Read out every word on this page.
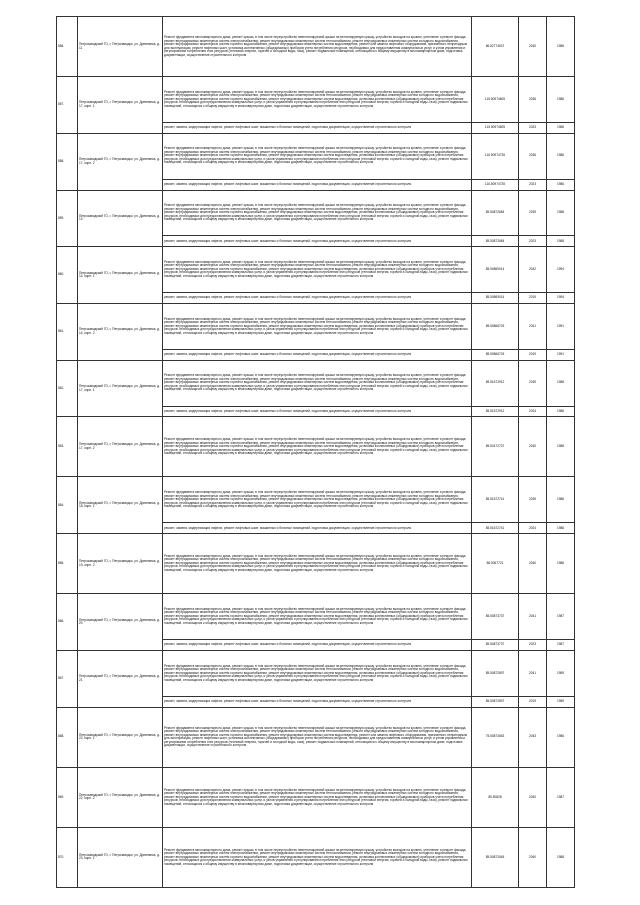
856.	Петрозаводский ГО, г. Петрозаводск, ул. Древлянка, д. 11	Ремонт фундамента многоквартирного дома, ремонт крыши, в том числе переустройство невентилируемой крыши на вентилируемую крышу, устройство выходов на кровлю, утепление и ремонт фасада, ремонт внутридомовых инженерных систем электроснабжения, ремонт внутридомовых инженерных систем теплоснабжения, ремонт внутридомовых инженерных систем холодного водоснабжения, ремонт внутридомовых инженерных систем горячего водоснабжения, ремонт внутридомовых инженерных систем водоотведения, ремонт или замена лифтового оборудования, признанного непригодным для эксплуатации, ремонт лифтовых шахт, установка коллективных (общедомовых) приборов учета потребления ресурсов, необходимых для предоставления коммунальных услуг, и узлов управления и регулирования потребления этих ресурсов (тепловой энергии, горячей и холодной воды, газа), ремонт подвальных помещений, относящихся к общему имуществу в многоквартирном доме, подготовка документации, осуществление строительного контроля	86.52774637	2040	1986
857.	Петрозаводский ГО, г. Петрозаводск, ул. Древлянка, д. 17, корп. 1	Ремонт фундамента многоквартирного дома, ремонт крыши, в том числе переустройство невентилируемой крыши на вентилируемую крышу, устройство выходов на кровлю, утепление и ремонт фасада, ремонт внутридомовых инженерных систем электроснабжения, ремонт внутридомовых инженерных систем теплоснабжения, ремонт внутридомовых инженерных систем холодного водоснабжения, ремонт внутридомовых инженерных систем горячего водоснабжения, ремонт внутридомовых инженерных систем водоотведения, установка коллективных (общедомовых) приборов учета потребления ресурсов, необходимых для предоставления коммунальных услуг, и узлов управления и регулирования потребления этих ресурсов (тепловой энергии, горячей и холодной воды, газа), ремонт подвальных помещений, относящихся к общему имуществу в многоквартирном доме, подготовка документации, осуществление строительного контроля	115.50974605	2036	1986
		ремонт, замена, модернизация лифтов, ремонт лифтовых шахт, машинных и блочных помещений, подготовка документации, осуществление строительного контроля	115.50974605	2023	1986
858.	Петрозаводский ГО, г. Петрозаводск, ул. Древлянка, д. 17, корп. 2	Ремонт фундамента многоквартирного дома, ремонт крыши, в том числе переустройство невентилируемой крыши на вентилируемую крышу, устройство выходов на кровлю, утепление и ремонт фасада, ремонт внутридомовых инженерных систем электроснабжения, ремонт внутридомовых инженерных систем теплоснабжения, ремонт внутридомовых инженерных систем холодного водоснабжения, ремонт внутридомовых инженерных систем горячего водоснабжения, ремонт внутридомовых инженерных систем водоотведения, установка коллективных (общедомовых) приборов учета потребления ресурсов, необходимых для предоставления коммунальных услуг, и узлов управления и регулирования потребления этих ресурсов (тепловой энергии, горячей и холодной воды, газа), ремонт подвальных помещений, относящихся к общему имуществу в многоквартирном доме, подготовка документации, осуществление строительного контроля	116.50974735	2036	1986
		ремонт, замена, модернизация лифтов, ремонт лифтовых шахт, машинных и блочных помещений, подготовка документации, осуществление строительного контроля	116.50974735	2023	1986
859.	Петрозаводский ГО, г. Петрозаводск, ул. Древлянка, д. 13	Ремонт фундамента многоквартирного дома, ремонт крыши, в том числе переустройство невентилируемой крыши на вентилируемую крышу, устройство выходов на кровлю, утепление и ремонт фасада, ремонт внутридомовых инженерных систем электроснабжения, ремонт внутридомовых инженерных систем теплоснабжения, ремонт внутридомовых инженерных систем холодного водоснабжения, ремонт внутридомовых инженерных систем горячего водоснабжения, ремонт внутридомовых инженерных систем водоотведения, установка коллективных (общедомовых) приборов учета потребления ресурсов, необходимых для предоставления коммунальных услуг, и узлов управления и регулирования потребления этих ресурсов (тепловой энергии, горячей и холодной воды, газа), ремонт подвальных помещений, относящихся к общему имуществу в многоквартирном доме, подготовка документации, осуществление строительного контроля	85.50872684	2039	1988
		ремонт, замена, модернизация лифтов, ремонт лифтовых шахт, машинных и блочных помещений, подготовка документации, осуществление строительного контроля	85.50872684	2023	1988
860.	Петрозаводский ГО, г. Петрозаводск, ул. Древлянка, д. 14, корп. 1	Ремонт фундамента многоквартирного дома, ремонт крыши, в том числе переустройство невентилируемой крыши на вентилируемую крышу, устройство выходов на кровлю, утепление и ремонт фасада, ремонт внутридомовых инженерных систем электроснабжения, ремонт внутридомовых инженерных систем теплоснабжения, ремонт внутридомовых инженерных систем холодного водоснабжения, ремонт внутридомовых инженерных систем горячего водоснабжения, ремонт внутридомовых инженерных систем водоотведения, установка коллективных (общедомовых) приборов учета потребления ресурсов, необходимых для предоставления коммунальных услуг, и узлов управления и регулирования потребления этих ресурсов (тепловой энергии, горячей и холодной воды, газа), ремонт подвальных помещений, относящихся к общему имуществу в многоквартирном доме, подготовка документации, осуществление строительного контроля	85.50869014	2042	1994
		ремонт, замена, модернизация лифтов, ремонт лифтовых шахт, машинных и блочных помещений, подготовка документации, осуществление строительного контроля	85.50869014	2019	1994
861.	Петрозаводский ГО, г. Петрозаводск, ул. Древлянка, д. 14, корп. 2	Ремонт фундамента многоквартирного дома, ремонт крыши, в том числе переустройство невентилируемой крыши на вентилируемую крышу, устройство выходов на кровлю, утепление и ремонт фасада, ремонт внутридомовых инженерных систем электроснабжения, ремонт внутридомовых инженерных систем теплоснабжения, ремонт внутридомовых инженерных систем холодного водоснабжения, ремонт внутридомовых инженерных систем горячего водоснабжения, ремонт внутридомовых инженерных систем водоотведения, установка коллективных (общедомовых) приборов учета потребления ресурсов, необходимых для предоставления коммунальных услуг, и узлов управления и регулирования потребления этих ресурсов (тепловой энергии, горячей и холодной воды, газа), ремонт подвальных помещений, относящихся к общему имуществу в многоквартирном доме, подготовка документации, осуществление строительного контроля	85.50866703	2041	1991
		ремонт, замена, модернизация лифтов, ремонт лифтовых шахт, машинных и блочных помещений, подготовка документации, осуществление строительного контроля	85.50866703	2019	1991
862.	Петрозаводский ГО, г. Петрозаводск, ул. Древлянка, д. 17, корп. 1	Ремонт фундамента многоквартирного дома, ремонт крыши, в том числе переустройство невентилируемой крыши на вентилируемую крышу, устройство выходов на кровлю, утепление и ремонт фасада, ремонт внутридомовых инженерных систем электроснабжения, ремонт внутридомовых инженерных систем теплоснабжения, ремонт внутридомовых инженерных систем холодного водоснабжения, ремонт внутридомовых инженерных систем горячего водоснабжения, ремонт внутридомовых инженерных систем водоотведения, установка коллективных (общедомовых) приборов учета потребления ресурсов, необходимых для предоставления коммунальных услуг, и узлов управления и регулирования потребления этих ресурсов (тепловой энергии, горячей и холодной воды, газа), ремонт подвальных помещений, относящихся к общему имуществу в многоквартирном доме, подготовка документации, осуществление строительного контроля	85.51672912	2039	1988
		ремонт, замена, модернизация лифтов, ремонт лифтовых шахт, машинных и блочных помещений, подготовка документации, осуществление строительного контроля	85.51672912	2024	1988
863.	Петрозаводский ГО, г. Петрозаводск, ул. Древлянка, д. 17, корп. 2	Ремонт фундамента многоквартирного дома, ремонт крыши, в том числе переустройство невентилируемой крыши на вентилируемую крышу, устройство выходов на кровлю, утепление и ремонт фасада, ремонт внутридомовых инженерных систем электроснабжения, ремонт внутридомовых инженерных систем теплоснабжения, ремонт внутридомовых инженерных систем холодного водоснабжения, ремонт внутридомовых инженерных систем горячего водоснабжения, ремонт внутридомовых инженерных систем водоотведения, установка коллективных (общедомовых) приборов учета потребления ресурсов, необходимых для предоставления коммунальных услуг, и узлов управления и регулирования потребления этих ресурсов (тепловой энергии, горячей и холодной воды, газа), ремонт подвальных помещений, относящихся к общему имуществу в многоквартирном доме, подготовка документации, осуществление строительного контроля	85.52472737	2040	1988
864.	Петрозаводский ГО, г. Петрозаводск, ул. Древлянка, д. 18, корп. 1	Ремонт фундамента многоквартирного дома, ремонт крыши, в том числе переустройство невентилируемой крыши на вентилируемую крышу, устройство выходов на кровлю, утепление и ремонт фасада, ремонт внутридомовых инженерных систем электроснабжения, ремонт внутридомовых инженерных систем теплоснабжения, ремонт внутридомовых инженерных систем холодного водоснабжения, ремонт внутридомовых инженерных систем горячего водоснабжения, ремонт внутридомовых инженерных систем водоотведения, установка коллективных (общедомовых) приборов учета потребления ресурсов, необходимых для предоставления коммунальных услуг, и узлов управления и регулирования потребления этих ресурсов (тепловой энергии, горячей и холодной воды, газа), ремонт подвальных помещений, относящихся к общему имуществу в многоквартирном доме, подготовка документации, осуществление строительного контроля	85.51672741	2039	1988
		ремонт, замена, модернизация лифтов, ремонт лифтовых шахт, машинных и блочных помещений, подготовка документации, осуществление строительного контроля	85.51672741	2024	1988
865.	Петрозаводский ГО, г. Петрозаводск, ул. Древлянка, д. 19, корп. 2	Ремонт фундамента многоквартирного дома, ремонт крыши, в том числе переустройство невентилируемой крыши на вентилируемую крышу, устройство выходов на кровлю, утепление и ремонт фасада, ремонт внутридомовых инженерных систем электроснабжения, ремонт внутридомовых инженерных систем теплоснабжения, ремонт внутридомовых инженерных систем холодного водоснабжения, ремонт внутридомовых инженерных систем горячего водоснабжения, ремонт внутридомовых инженерных систем водоотведения, установка коллективных (общедомовых) приборов учета потребления ресурсов, необходимых для предоставления коммунальных услуг, и узлов управления и регулирования потребления этих ресурсов (тепловой энергии, горячей и холодной воды, газа), ремонт подвальных помещений, относящихся к общему имуществу в многоквартирном доме, подготовка документации, осуществление строительного контроля	86.5067721	2040	1988
866.	Петрозаводский ГО, г. Петрозаводск, ул. Древлянка, д. 20	Ремонт фундамента многоквартирного дома, ремонт крыши, в том числе переустройство невентилируемой крыши на вентилируемую крышу, устройство выходов на кровлю, утепление и ремонт фасада, ремонт внутридомовых инженерных систем электроснабжения, ремонт внутридомовых инженерных систем теплоснабжения, ремонт внутридомовых инженерных систем холодного водоснабжения, ремонт внутридомовых инженерных систем горячего водоснабжения, ремонт внутридомовых инженерных систем водоотведения, установка коллективных (общедомовых) приборов учета потребления ресурсов, необходимых для предоставления коммунальных услуг, и узлов управления и регулирования потребления этих ресурсов (тепловой энергии, горячей и холодной воды, газа), ремонт подвальных помещений, относящихся к общему имуществу в многоквартирном доме, подготовка документации, осуществление строительного контроля	85.50873737	2041	1987
		ремонт, замена, модернизация лифтов, ремонт лифтовых шахт, машинных и блочных помещений, подготовка документации, осуществление строительного контроля	85.50873737	2023	1987
867.	Петрозаводский ГО, г. Петрозаводск, ул. Древлянка, д. 21	Ремонт фундамента многоквартирного дома, ремонт крыши, в том числе переустройство невентилируемой крыши на вентилируемую крышу, устройство выходов на кровлю, утепление и ремонт фасада, ремонт внутридомовых инженерных систем электроснабжения, ремонт внутридомовых инженерных систем теплоснабжения, ремонт внутридомовых инженерных систем холодного водоснабжения, ремонт внутридомовых инженерных систем горячего водоснабжения, ремонт внутридомовых инженерных систем водоотведения, установка коллективных (общедомовых) приборов учета потребления ресурсов, необходимых для предоставления коммунальных услуг, и узлов управления и регулирования потребления этих ресурсов (тепловой энергии, горячей и холодной воды, газа), ремонт подвальных помещений, относящихся к общему имуществу в многоквартирном доме, подготовка документации, осуществление строительного контроля	85.50872897	2041	1989
		ремонт, замена, модернизация лифтов, ремонт лифтовых шахт, машинных и блочных помещений, подготовка документации, осуществление строительного контроля	85.50872897	2019	1989
868.	Петрозаводский ГО, г. Петрозаводск, ул. Древлянка, д. 22, корп. 1	Ремонт фундамента многоквартирного дома, ремонт крыши, в том числе переустройство невентилируемой крыши на вентилируемую крышу, устройство выходов на кровлю, утепление и ремонт фасада, ремонт внутридомовых инженерных систем электроснабжения, ремонт внутридомовых инженерных систем теплоснабжения, ремонт внутридомовых инженерных систем холодного водоснабжения, ремонт внутридомовых инженерных систем горячего водоснабжения, ремонт внутридомовых инженерных систем водоотведения, ремонт или замена лифтового оборудования, признанного непригодным для эксплуатации, ремонт лифтовых шахт, установка коллективных (общедомовых) приборов учета потребления ресурсов, необходимых для предоставления коммунальных услуг, и узлов управления и регулирования потребления этих ресурсов (тепловой энергии, горячей и холодной воды, газа), ремонт подвальных помещений, относящихся к общему имуществу в многоквартирном доме, подготовка документации, осуществление строительного контроля	75.50873653	2043	1986
869.	Петрозаводский ГО, г. Петрозаводск, ул. Древлянка, д. 22, корп. 2	Ремонт фундамента многоквартирного дома, ремонт крыши, в том числе переустройство невентилируемой крыши на вентилируемую крышу, устройство выходов на кровлю, утепление и ремонт фасада, ремонт внутридомовых инженерных систем электроснабжения, ремонт внутридомовых инженерных систем теплоснабжения, ремонт внутридомовых инженерных систем холодного водоснабжения, ремонт внутридомовых инженерных систем горячего водоснабжения, ремонт внутридомовых инженерных систем водоотведения, установка коллективных (общедомовых) приборов учета потребления ресурсов, необходимых для предоставления коммунальных услуг, и узлов управления и регулирования потребления этих ресурсов (тепловой энергии, горячей и холодной воды, газа), ремонт подвальных помещений, относящихся к общему имуществу в многоквартирном доме, подготовка документации, осуществление строительного контроля	85.50828	2040	1987
870.	Петрозаводский ГО, г. Петрозаводск, ул. Древлянка, д. 23, корп. 1	Ремонт фундамента многоквартирного дома, ремонт крыши, в том числе переустройство невентилируемой крыши на вентилируемую крышу, устройство выходов на кровлю, утепление и ремонт фасада, ремонт внутридомовых инженерных систем электроснабжения, ремонт внутридомовых инженерных систем теплоснабжения, ремонт внутридомовых инженерных систем холодного водоснабжения, ремонт внутридомовых инженерных систем горячего водоснабжения, ремонт внутридомовых инженерных систем водоотведения, установка коллективных (общедомовых) приборов учета потребления ресурсов, необходимых для предоставления коммунальных услуг, и узлов управления и регулирования потребления этих ресурсов (тепловой энергии, горячей и холодной воды, газа), ремонт подвальных помещений, относящихся к общему имуществу в многоквартирном доме, подготовка документации, осуществление строительного контроля	85.50872545	2040	1988
